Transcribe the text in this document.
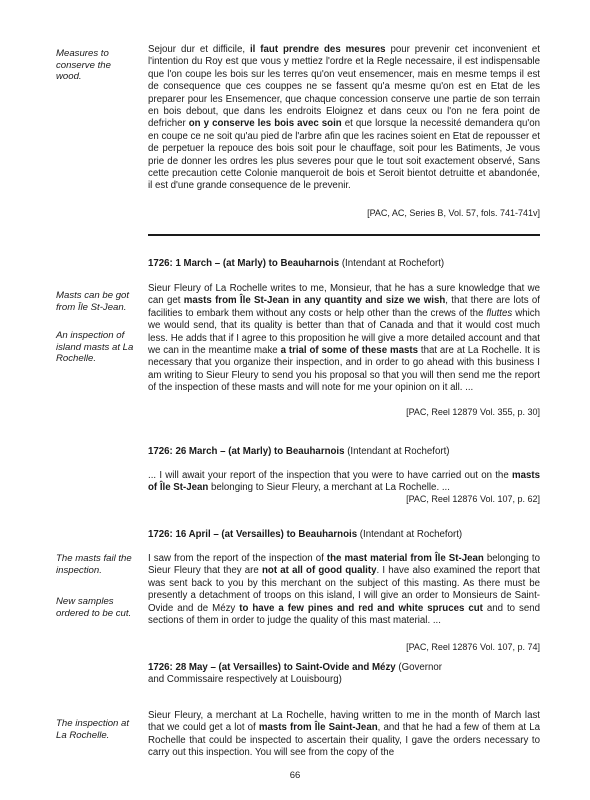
Measures to conserve the wood.
Masts can be got from Île St-Jean.
An inspection of island masts at La Rochelle.
The masts fail the inspection.
New samples ordered to be cut.
The inspection at La Rochelle.
Sejour dur et difficile, il faut prendre des mesures pour prevenir cet inconvenient et l'intention du Roy est que vous y mettiez l'ordre et la Regle necessaire, il est indispensable que l'on coupe les bois sur les terres qu'on veut ensemencer, mais en mesme temps il est de consequence que ces couppes ne se fassent qu'a mesme qu'on est en Etat de les preparer pour les Ensemencer, que chaque concession conserve une partie de son terrain en bois debout, que dans les endroits Eloignez et dans ceux ou l'on ne fera point de defricher on y conserve les bois avec soin et que lorsque la necessité demandera qu'on en coupe ce ne soit qu'au pied de l'arbre afin que les racines soient en Etat de repousser et de perpetuer la repouce des bois soit pour le chauffage, soit pour les Batiments, Je vous prie de donner les ordres les plus severes pour que le tout soit exactement observé, Sans cette precaution cette Colonie manqueroit de bois et Seroit bientot detruitte et abandonée, il est d'une grande consequence de le prevenir.
[PAC, AC, Series B, Vol. 57, fols. 741-741v]
1726: 1 March – (at Marly) to Beauharnois (Intendant at Rochefort)
Sieur Fleury of La Rochelle writes to me, Monsieur, that he has a sure knowledge that we can get masts from Île St-Jean in any quantity and size we wish, that there are lots of facilities to embark them without any costs or help other than the crews of the fluttes which we would send, that its quality is better than that of Canada and that it would cost much less. He adds that if I agree to this proposition he will give a more detailed account and that we can in the meantime make a trial of some of these masts that are at La Rochelle. It is necessary that you organize their inspection, and in order to go ahead with this business I am writing to Sieur Fleury to send you his proposal so that you will then send me the report of the inspection of these masts and will note for me your opinion on it all. ...
[PAC, Reel 12879 Vol. 355, p. 30]
1726: 26 March – (at Marly) to Beauharnois (Intendant at Rochefort)
... I will await your report of the inspection that you were to have carried out on the masts of Île St-Jean belonging to Sieur Fleury, a merchant at La Rochelle. ...
[PAC, Reel 12876 Vol. 107, p. 62]
1726: 16 April – (at Versailles) to Beauharnois (Intendant at Rochefort)
I saw from the report of the inspection of the mast material from Île St-Jean belonging to Sieur Fleury that they are not at all of good quality. I have also examined the report that was sent back to you by this merchant on the subject of this masting. As there must be presently a detachment of troops on this island, I will give an order to Monsieurs de Saint-Ovide and de Mézy to have a few pines and red and white spruces cut and to send sections of them in order to judge the quality of this mast material. ...
[PAC, Reel 12876 Vol. 107, p. 74]
1726: 28 May – (at Versailles) to Saint-Ovide and Mézy (Governor and Commissaire respectively at Louisbourg)
Sieur Fleury, a merchant at La Rochelle, having written to me in the month of March last that we could get a lot of masts from Île Saint-Jean, and that he had a few of them at La Rochelle that could be inspected to ascertain their quality, I gave the orders necessary to carry out this inspection. You will see from the copy of the
66
